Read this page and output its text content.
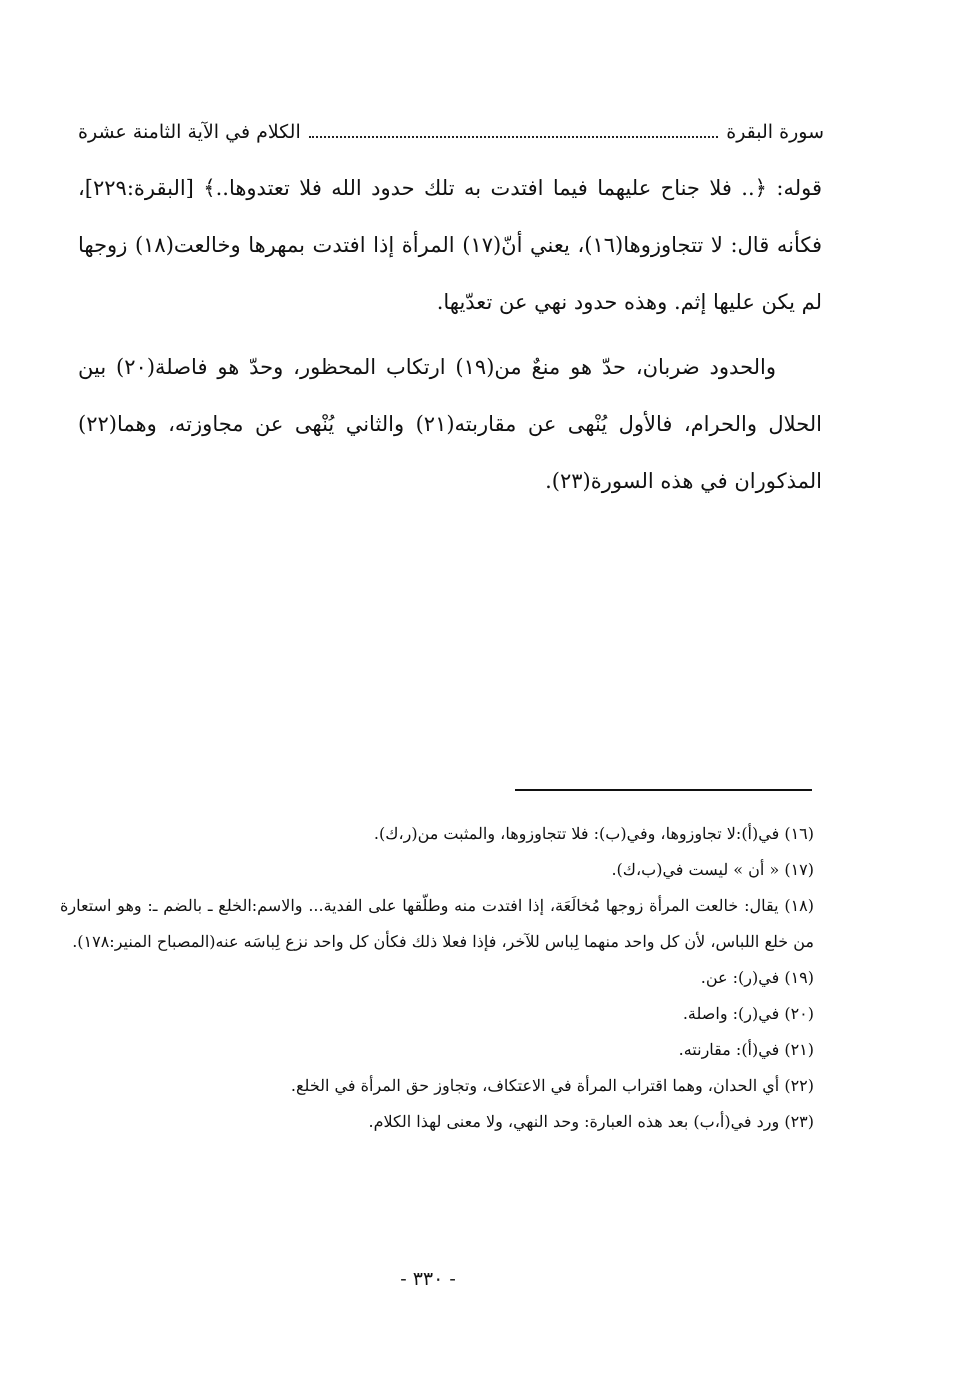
سورة البقرة
الكلام في الآية الثامنة عشرة

قوله: ﴿.. فلا جناح عليهما فيما افتدت به تلك حدود الله فلا تعتدوها..﴾ [البقرة:٢٢٩]، فكأنه قال: لا تتجاوزوها(١٦)، يعني أنّ(١٧) المرأة إذا افتدت بمهرها وخالعت(١٨) زوجها لم يكن عليها إثم. وهذه حدود نهي عن تعدّيها.

والحدود ضربان، حدّ هو منعٌ من(١٩) ارتكاب المحظور، وحدّ هو فاصلة(٢٠) بين الحلال والحرام، فالأول يُنْهى عن مقاربته(٢١) والثاني يُنْهى عن مجاوزته، وهما(٢٢) المذكوران في هذه السورة(٢٣).

(١٦) في(أ):لا تجاوزوها، وفي(ب): فلا تتجاوزوها، والمثبت من(ر،ك).

(١٧) « أن » ليست في(ب،ك).

(١٨) يقال: خالعت المرأة زوجها مُخالَعَة، إذا افتدت منه وطلّقها على الفدية... والاسم:الخلع ـ بالضم ـ: وهو استعارة من خلع اللباس، لأن كل واحد منهما لِباس للآخر، فإذا فعلا ذلك فكأن كل واحد نزع لِباسَه عنه(المصباح المنير:١٧٨).

(١٩) في(ر): عن.

(٢٠) في(ر): واصلة.

(٢١) في(أ): مقارنته.

(٢٢) أي الحدان، وهما اقتراب المرأة في الاعتكاف، وتجاوز حق المرأة في الخلع.

(٢٣) ورد في(أ،ب) بعد هذه العبارة: وحد النهي، ولا معنى لهذا الكلام.

- ٣٣٠ -
